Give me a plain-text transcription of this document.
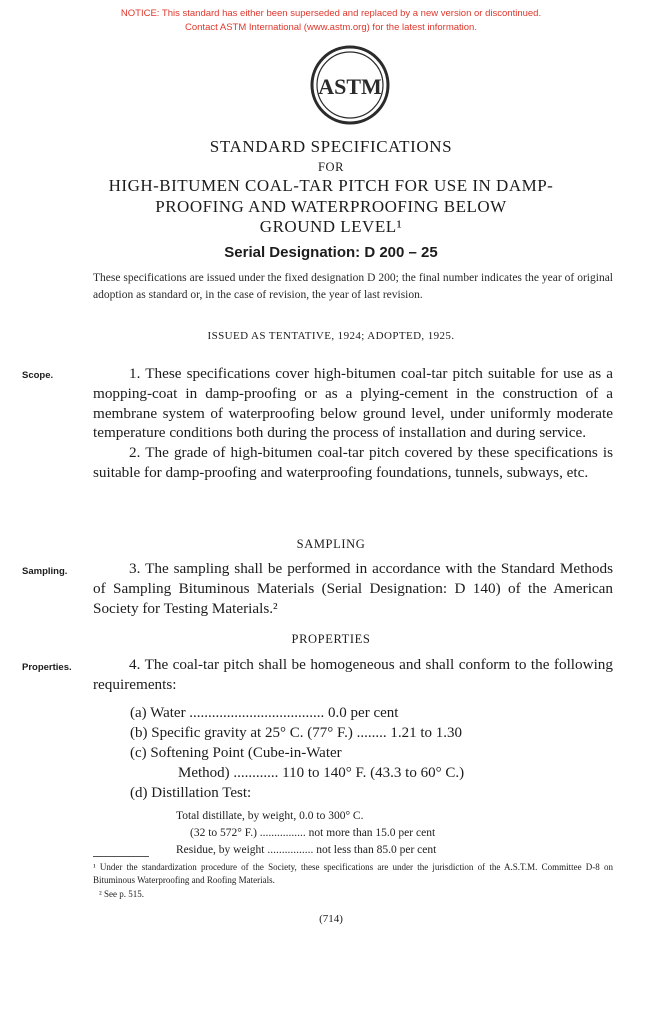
NOTICE: This standard has either been superseded and replaced by a new version or discontinued.
Contact ASTM International (www.astm.org) for the latest information.
ASTM
STANDARD SPECIFICATIONS
FOR
HIGH-BITUMEN COAL-TAR PITCH FOR USE IN DAMP-
PROOFING AND WATERPROOFING BELOW
GROUND LEVEL¹
Serial Designation: D 200 – 25
These specifications are issued under the fixed designation D 200; the final number indicates the year of original adoption as standard or, in the case of revision, the year of last revision.
ISSUED AS TENTATIVE, 1924; ADOPTED, 1925.
Scope.	1. These specifications cover high-bitumen coal-tar pitch suitable for use as a mopping-coat in damp-proofing or as a plying-cement in the construction of a membrane system of waterproofing below ground level, under uniformly moderate temperature conditions both during the process of installation and during service.
2. The grade of high-bitumen coal-tar pitch covered by these specifications is suitable for damp-proofing and waterproofing foundations, tunnels, subways, etc.
SAMPLING
Sampling.	3. The sampling shall be performed in accordance with the Standard Methods of Sampling Bituminous Materials (Serial Designation: D 140) of the American Society for Testing Materials.²
PROPERTIES
Properties.	4. The coal-tar pitch shall be homogeneous and shall conform to the following requirements:
(a) Water .................................... 0.0 per cent
(b) Specific gravity at 25° C. (77° F.) ........ 1.21 to 1.30
(c) Softening Point (Cube-in-Water
Method) ............ 110 to 140° F. (43.3 to 60° C.)
(d) Distillation Test:
Total distillate, by weight, 0.0 to 300° C.
(32 to 572° F.) ................ not more than 15.0 per cent
Residue, by weight ................ not less than 85.0 per cent
¹ Under the standardization procedure of the Society, these specifications are under the jurisdiction of the A.S.T.M. Committee D-8 on Bituminous Waterproofing and Roofing Materials.
² See p. 515.
(714)
